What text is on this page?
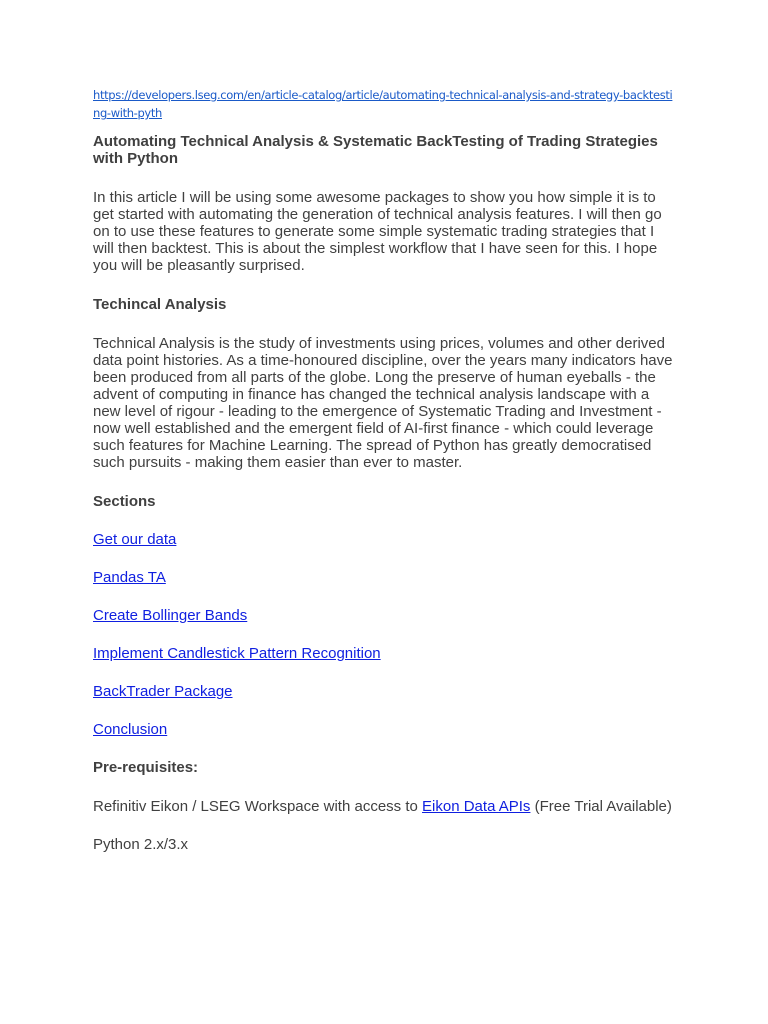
https://developers.lseg.com/en/article-catalog/article/automating-technical-analysis-and-strategy-backtesting-with-pyth

Automating Technical Analysis & Systematic BackTesting of Trading Strategies with Python

In this article I will be using some awesome packages to show you how simple it is to get started with automating the generation of technical analysis features. I will then go on to use these features to generate some simple systematic trading strategies that I will then backtest. This is about the simplest workflow that I have seen for this. I hope you will be pleasantly surprised.

Techincal Analysis

Technical Analysis is the study of investments using prices, volumes and other derived data point histories. As a time-honoured discipline, over the years many indicators have been produced from all parts of the globe. Long the preserve of human eyeballs - the advent of computing in finance has changed the technical analysis landscape with a new level of rigour - leading to the emergence of Systematic Trading and Investment - now well established and the emergent field of AI-first finance - which could leverage such features for Machine Learning. The spread of Python has greatly democratised such pursuits - making them easier than ever to master.

Sections

Get our data

Pandas TA

Create Bollinger Bands

Implement Candlestick Pattern Recognition

BackTrader Package

Conclusion

Pre-requisites:

Refinitiv Eikon / LSEG Workspace with access to Eikon Data APIs (Free Trial Available)

Python 2.x/3.x
